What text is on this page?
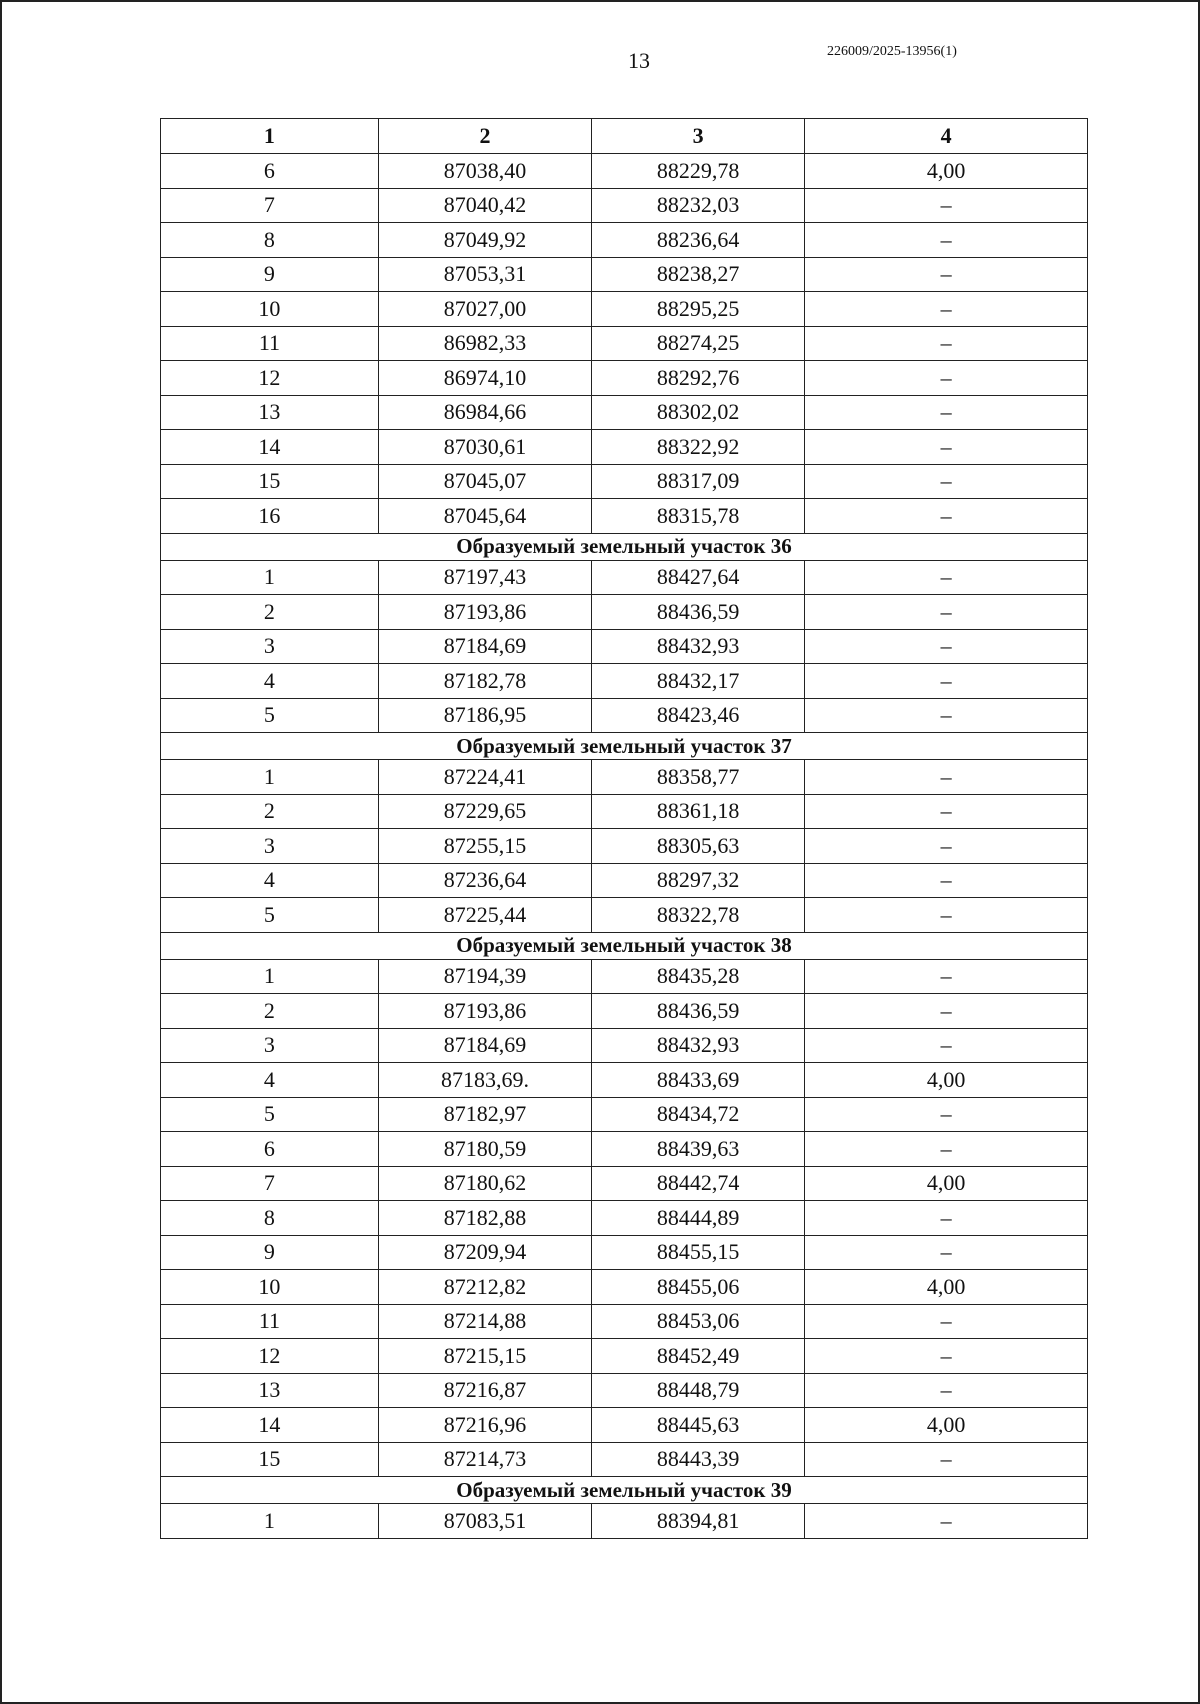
13	226009/2025-13956(1)
1	2	3	4
6	87038,40	88229,78	4,00
7	87040,42	88232,03	–
8	87049,92	88236,64	–
9	87053,31	88238,27	–
10	87027,00	88295,25	–
11	86982,33	88274,25	–
12	86974,10	88292,76	–
13	86984,66	88302,02	–
14	87030,61	88322,92	–
15	87045,07	88317,09	–
16	87045,64	88315,78	–
Образуемый земельный участок 36			
1	87197,43	88427,64	–
2	87193,86	88436,59	–
3	87184,69	88432,93	–
4	87182,78	88432,17	–
5	87186,95	88423,46	–
Образуемый земельный участок 37			
1	87224,41	88358,77	–
2	87229,65	88361,18	–
3	87255,15	88305,63	–
4	87236,64	88297,32	–
5	87225,44	88322,78	–
Образуемый земельный участок 38			
1	87194,39	88435,28	–
2	87193,86	88436,59	–
3	87184,69	88432,93	–
4	87183,69.	88433,69	4,00
5	87182,97	88434,72	–
6	87180,59	88439,63	–
7	87180,62	88442,74	4,00
8	87182,88	88444,89	–
9	87209,94	88455,15	–
10	87212,82	88455,06	4,00
11	87214,88	88453,06	–
12	87215,15	88452,49	–
13	87216,87	88448,79	–
14	87216,96	88445,63	4,00
15	87214,73	88443,39	–
Образуемый земельный участок 39			
1	87083,51	88394,81	–
